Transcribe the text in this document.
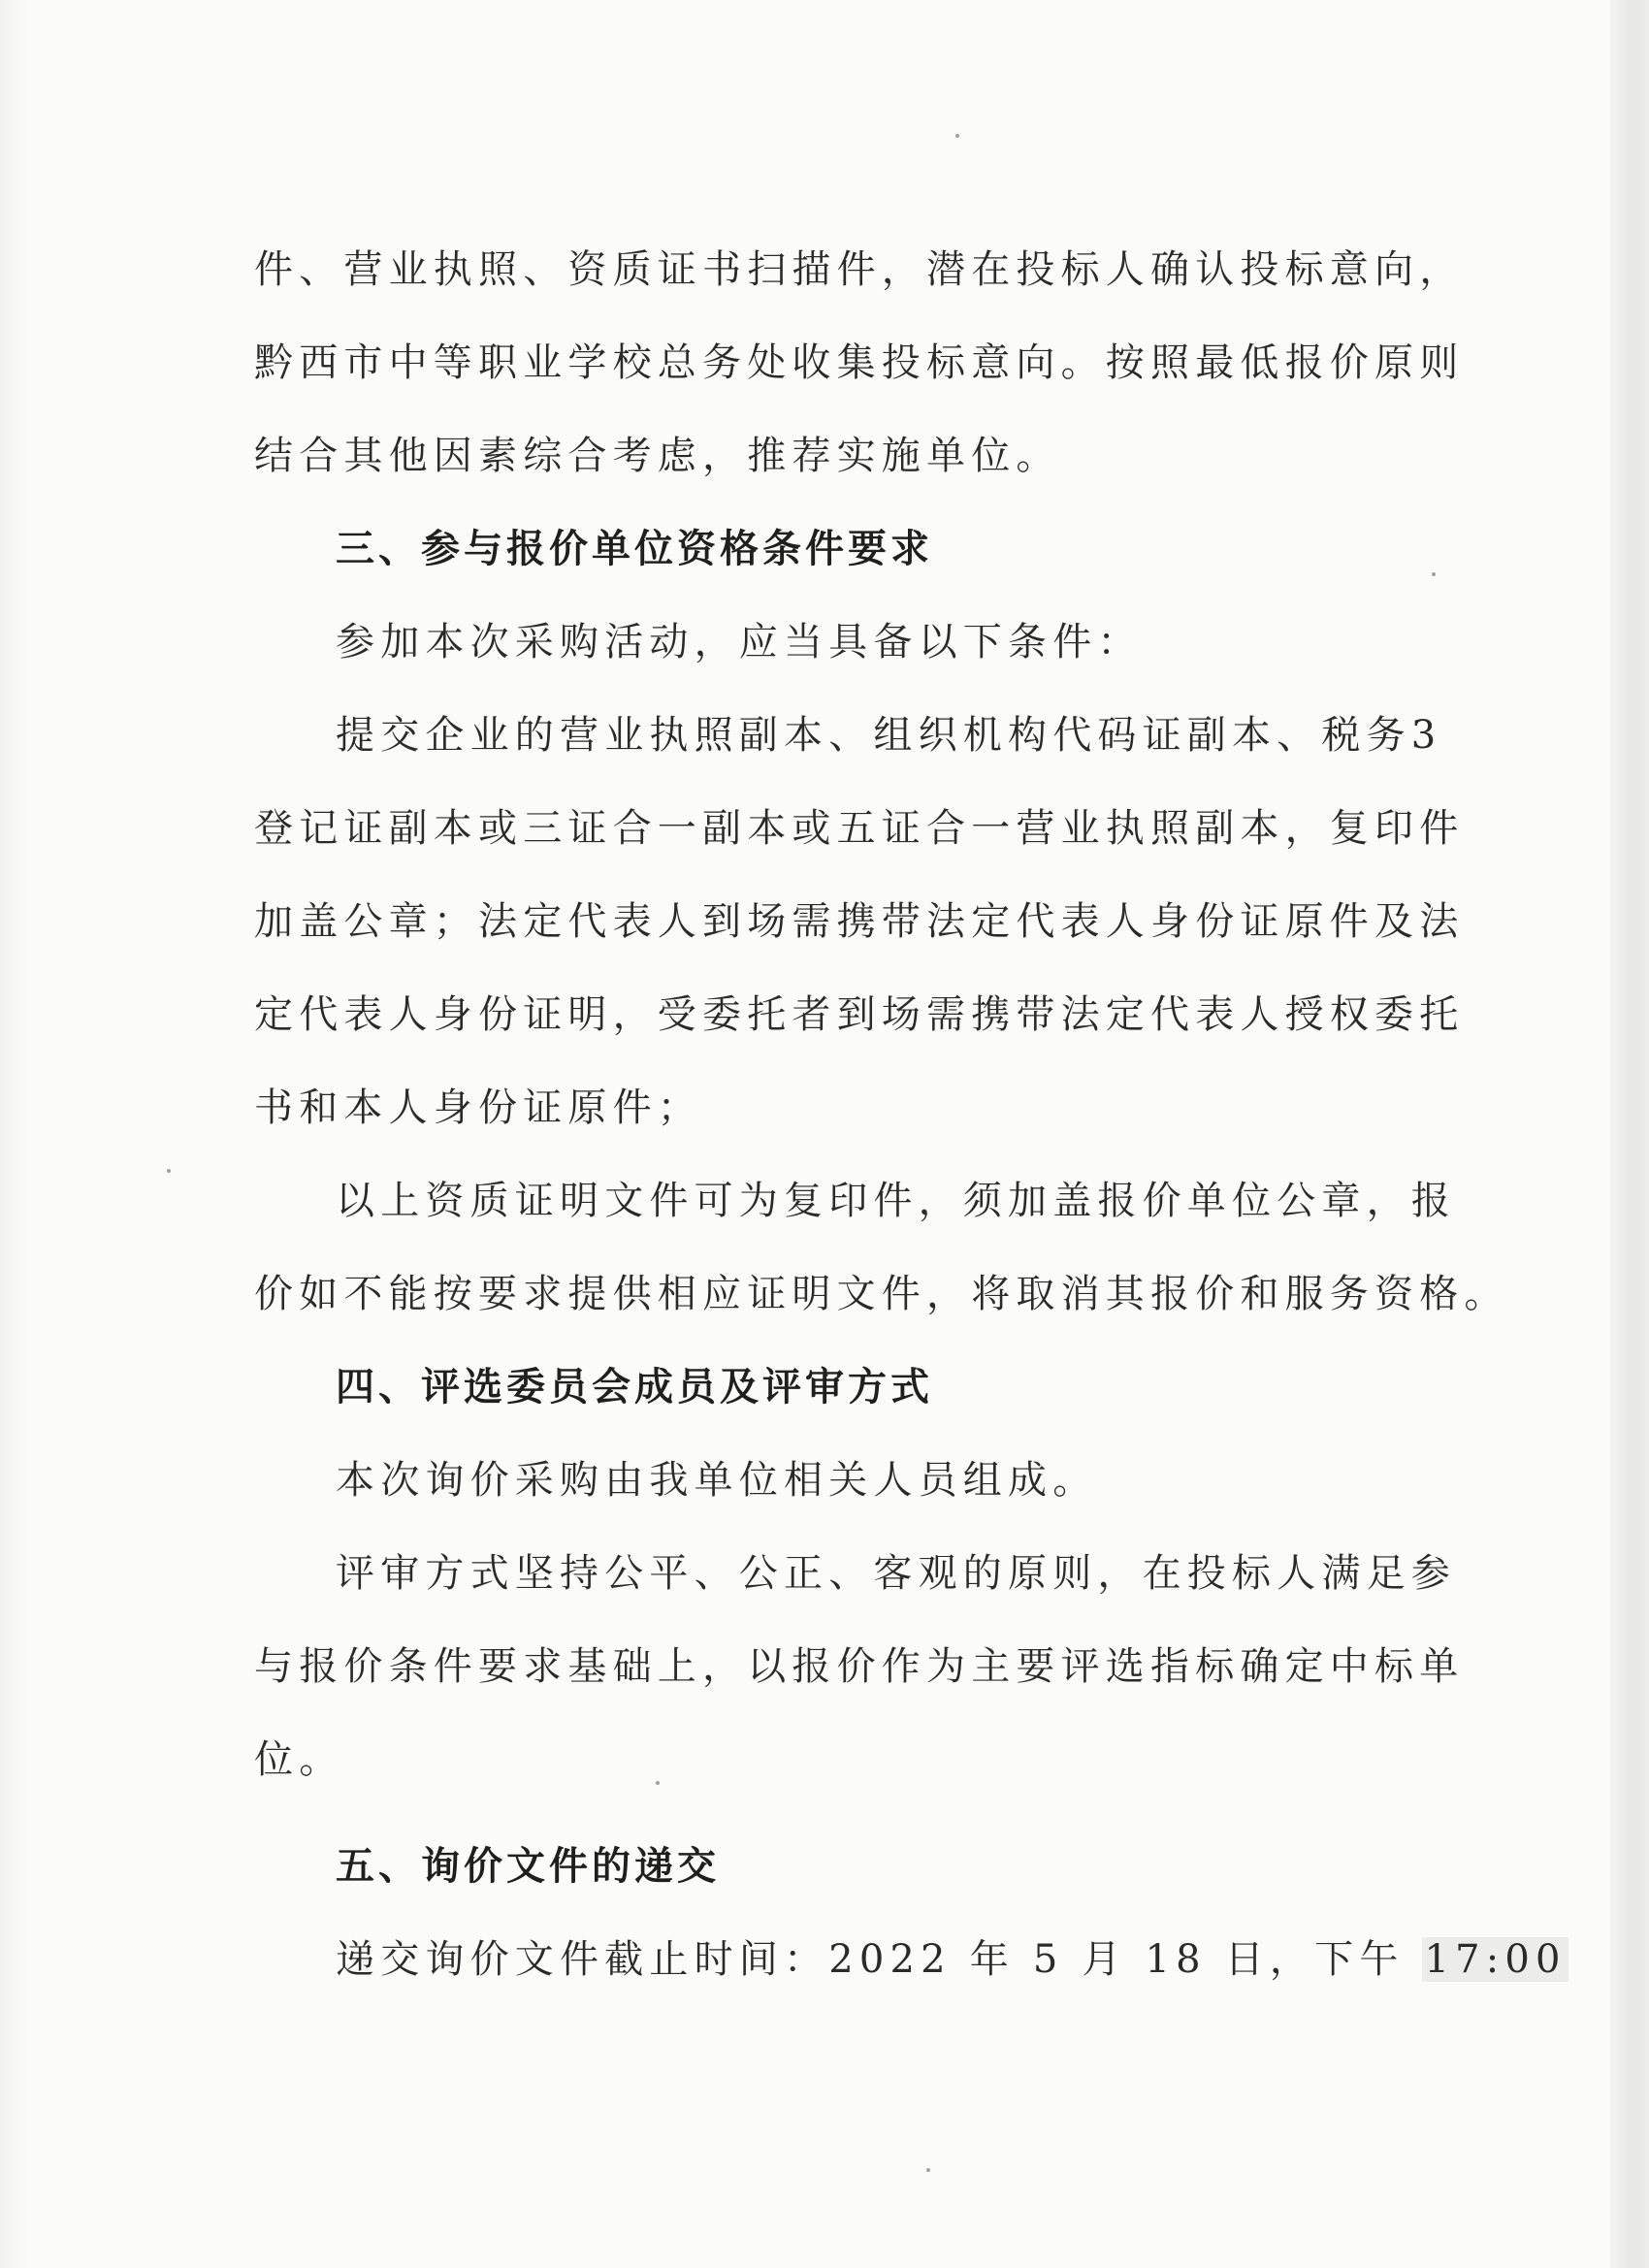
件、营业执照、资质证书扫描件，潜在投标人确认投标意向，
黔西市中等职业学校总务处收集投标意向。按照最低报价原则
结合其他因素综合考虑，推荐实施单位。
三、参与报价单位资格条件要求
参加本次采购活动，应当具备以下条件：
提交企业的营业执照副本、组织机构代码证副本、税务3
登记证副本或三证合一副本或五证合一营业执照副本，复印件
加盖公章；法定代表人到场需携带法定代表人身份证原件及法
定代表人身份证明，受委托者到场需携带法定代表人授权委托
书和本人身份证原件；
以上资质证明文件可为复印件，须加盖报价单位公章，报
价如不能按要求提供相应证明文件，将取消其报价和服务资格。
四、评选委员会成员及评审方式
本次询价采购由我单位相关人员组成。
评审方式坚持公平、公正、客观的原则，在投标人满足参
与报价条件要求基础上，以报价作为主要评选指标确定中标单
位。
五、询价文件的递交
递交询价文件截止时间：2022 年 5 月 18 日，下午 17:00
